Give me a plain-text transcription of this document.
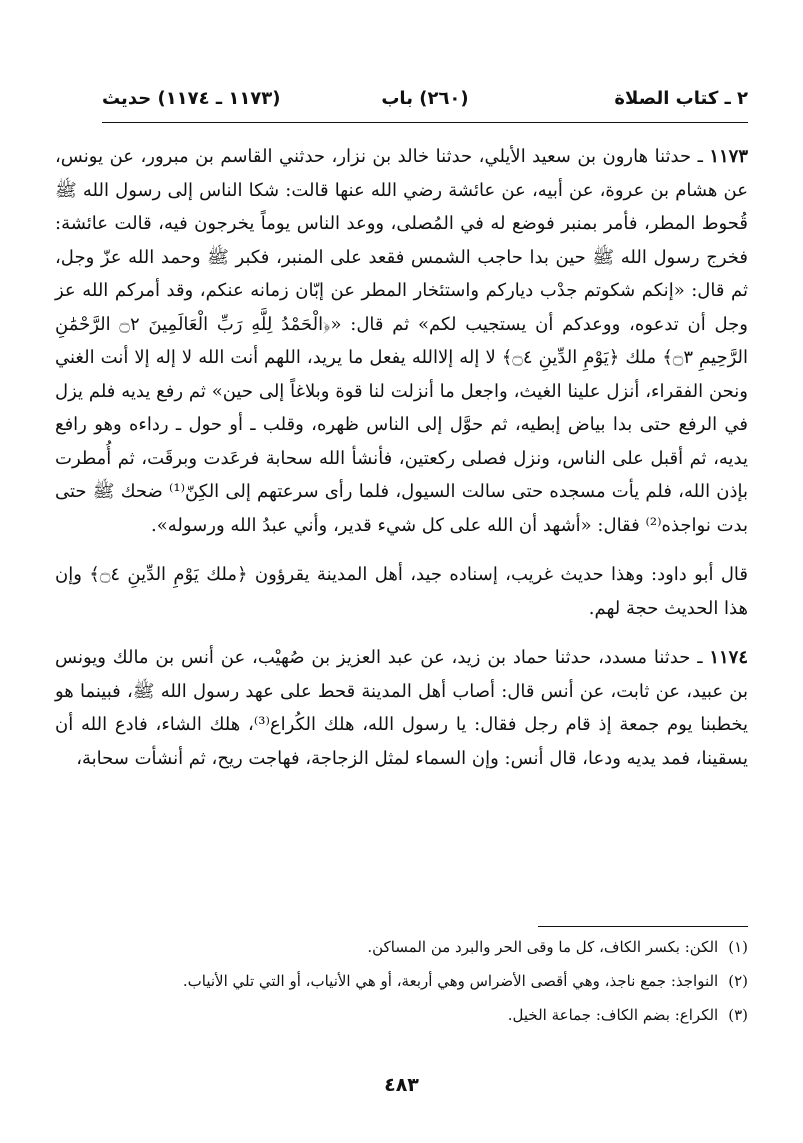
٢ ـ كتاب الصلاة
(٢٦٠) باب
(١١٧٣ ـ ١١٧٤) حديث

١١٧٣ ـ حدثنا هارون بن سعيد الأيلي، حدثنا خالد بن نزار، حدثني القاسم بن مبرور، عن يونس، عن هشام بن عروة، عن أبيه، عن عائشة رضي الله عنها قالت: شكا الناس إلى رسول الله ﷺ قُحوط المطر، فأمر بمنبر فوضع له في المُصلى، ووعد الناس يوماً يخرجون فيه، قالت عائشة: فخرج رسول الله ﷺ حين بدا حاجب الشمس فقعد على المنبر، فكبر ﷺ وحمد الله عزّ وجل، ثم قال: «إنكم شكوتم جدْب دياركم واستئخار المطر عن إبّان زمانه عنكم، وقد أمركم الله عز وجل أن تدعوه، ووعدكم أن يستجيب لكم» ثم قال: «﴿الْحَمْدُ لِلَّهِ رَبِّ الْعَالَمِينَ ۝٢ الرَّحْمَٰنِ الرَّحِيمِ ۝٣﴾ ملك ﴿يَوْمِ الدِّينِ ۝٤﴾ لا إله إلاالله يفعل ما يريد، اللهم أنت الله لا إله إلا أنت الغني ونحن الفقراء، أنزل علينا الغيث، واجعل ما أنزلت لنا قوة وبلاغاً إلى حين» ثم رفع يديه فلم يزل في الرفع حتى بدا بياض إبطيه، ثم حوَّل إلى الناس ظهره، وقلب ـ أو حول ـ رداءه وهو رافع يديه، ثم أقبل على الناس، ونزل فصلى ركعتين، فأنشأ الله سحابة فرعَدت وبرقَت، ثم أُمطرت بإذن الله، فلم يأت مسجده حتى سالت السيول، فلما رأى سرعتهم إلى الكِنّ⁽¹⁾ ضحك ﷺ حتى بدت نواجذه⁽²⁾ فقال: «أشهد أن الله على كل شيء قدير، وأني عبدُ الله ورسوله».

قال أبو داود: وهذا حديث غريب، إسناده جيد، أهل المدينة يقرؤون ﴿ملك يَوْمِ الدِّينِ ۝٤﴾ وإن هذا الحديث حجة لهم.

١١٧٤ ـ حدثنا مسدد، حدثنا حماد بن زيد، عن عبد العزيز بن صُهيْب، عن أنس بن مالك ويونس بن عبيد، عن ثابت، عن أنس قال: أصاب أهل المدينة قحط على عهد رسول الله ﷺ، فبينما هو يخطبنا يوم جمعة إذ قام رجل فقال: يا رسول الله، هلك الكُراع⁽³⁾، هلك الشاء، فادع الله أن يسقينا، فمد يديه ودعا، قال أنس: وإن السماء لمثل الزجاجة، فهاجت ريح، ثم أنشأت سحابة،

(١)
الكن: بكسر الكاف، كل ما وقى الحر والبرد من المساكن.

(٢)
النواجذ: جمع ناجذ، وهي أقصى الأضراس وهي أربعة، أو هي الأنياب، أو التي تلي الأنياب.

(٣)
الكراع: بضم الكاف: جماعة الخيل.

٤٨٣
